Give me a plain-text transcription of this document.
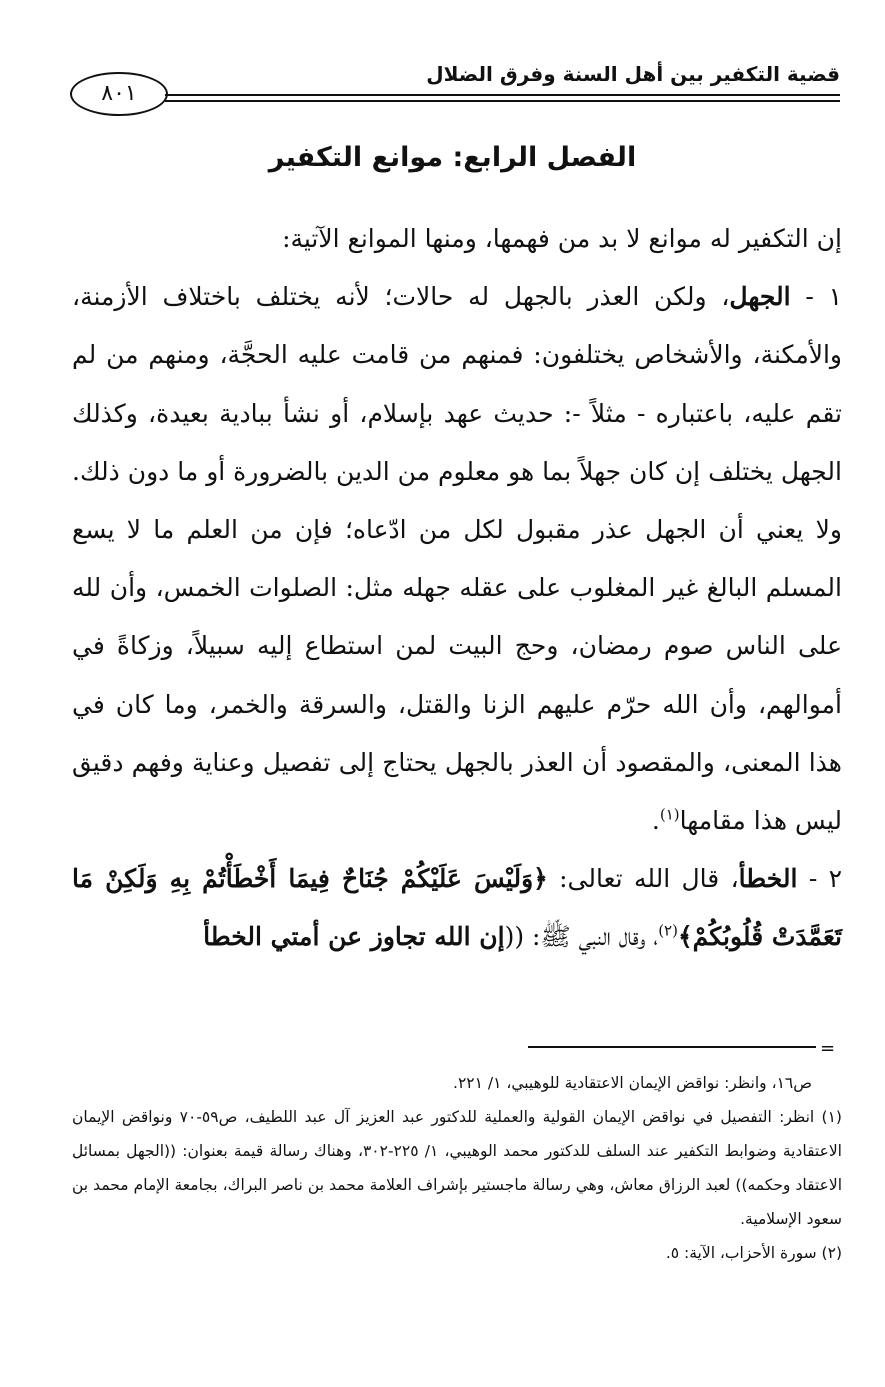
قضية التكفير بين أهل السنة وفرق الضلال
٨٠١
الفصل الرابع: موانع التكفير

إن التكفير له موانع لا بد من فهمها، ومنها الموانع الآتية:

١ - الجهل، ولكن العذر بالجهل له حالات؛ لأنه يختلف باختلاف الأزمنة، والأمكنة، والأشخاص يختلفون: فمنهم من قامت عليه الحجَّة، ومنهم من لم تقم عليه، باعتباره - مثلاً -: حديث عهد بإسلام، أو نشأ ببادية بعيدة، وكذلك الجهل يختلف إن كان جهلاً بما هو معلوم من الدين بالضرورة أو ما دون ذلك. ولا يعني أن الجهل عذر مقبول لكل من ادّعاه؛ فإن من العلم ما لا يسع المسلم البالغ غير المغلوب على عقله جهله مثل: الصلوات الخمس، وأن لله على الناس صوم رمضان، وحج البيت لمن استطاع إليه سبيلاً، وزكاةً في أموالهم، وأن الله حرّم عليهم الزنا والقتل، والسرقة والخمر، وما كان في هذا المعنى، والمقصود أن العذر بالجهل يحتاج إلى تفصيل وعناية وفهم دقيق ليس هذا مقامها$^{(١)}$.

٢ - الخطأ، قال الله تعالى: ﴿وَلَيْسَ عَلَيْكُمْ جُنَاحٌ فِيمَا أَخْطَأْتُمْ بِهِ وَلَكِنْ مَا تَعَمَّدَتْ قُلُوبُكُمْ﴾$^{(٢)}$، وقال النبي ﷺ: ((إن الله تجاوز عن أمتي الخطأ

=

ص١٦، وانظر: نواقض الإيمان الاعتقادية للوهيبي، ١/ ٢٢١.

(١) انظر: التفصيل في نواقض الإيمان القولية والعملية للدكتور عبد العزيز آل عبد اللطيف، ص٥٩-٧٠ ونواقض الإيمان الاعتقادية وضوابط التكفير عند السلف للدكتور محمد الوهيبي، ١/ ٢٢٥-٣٠٢، وهناك رسالة قيمة بعنوان: ((الجهل بمسائل الاعتقاد وحكمه)) لعبد الرزاق معاش، وهي رسالة ماجستير بإشراف العلامة محمد بن ناصر البراك، بجامعة الإمام محمد بن سعود الإسلامية.

(٢) سورة الأحزاب، الآية: ٥.
